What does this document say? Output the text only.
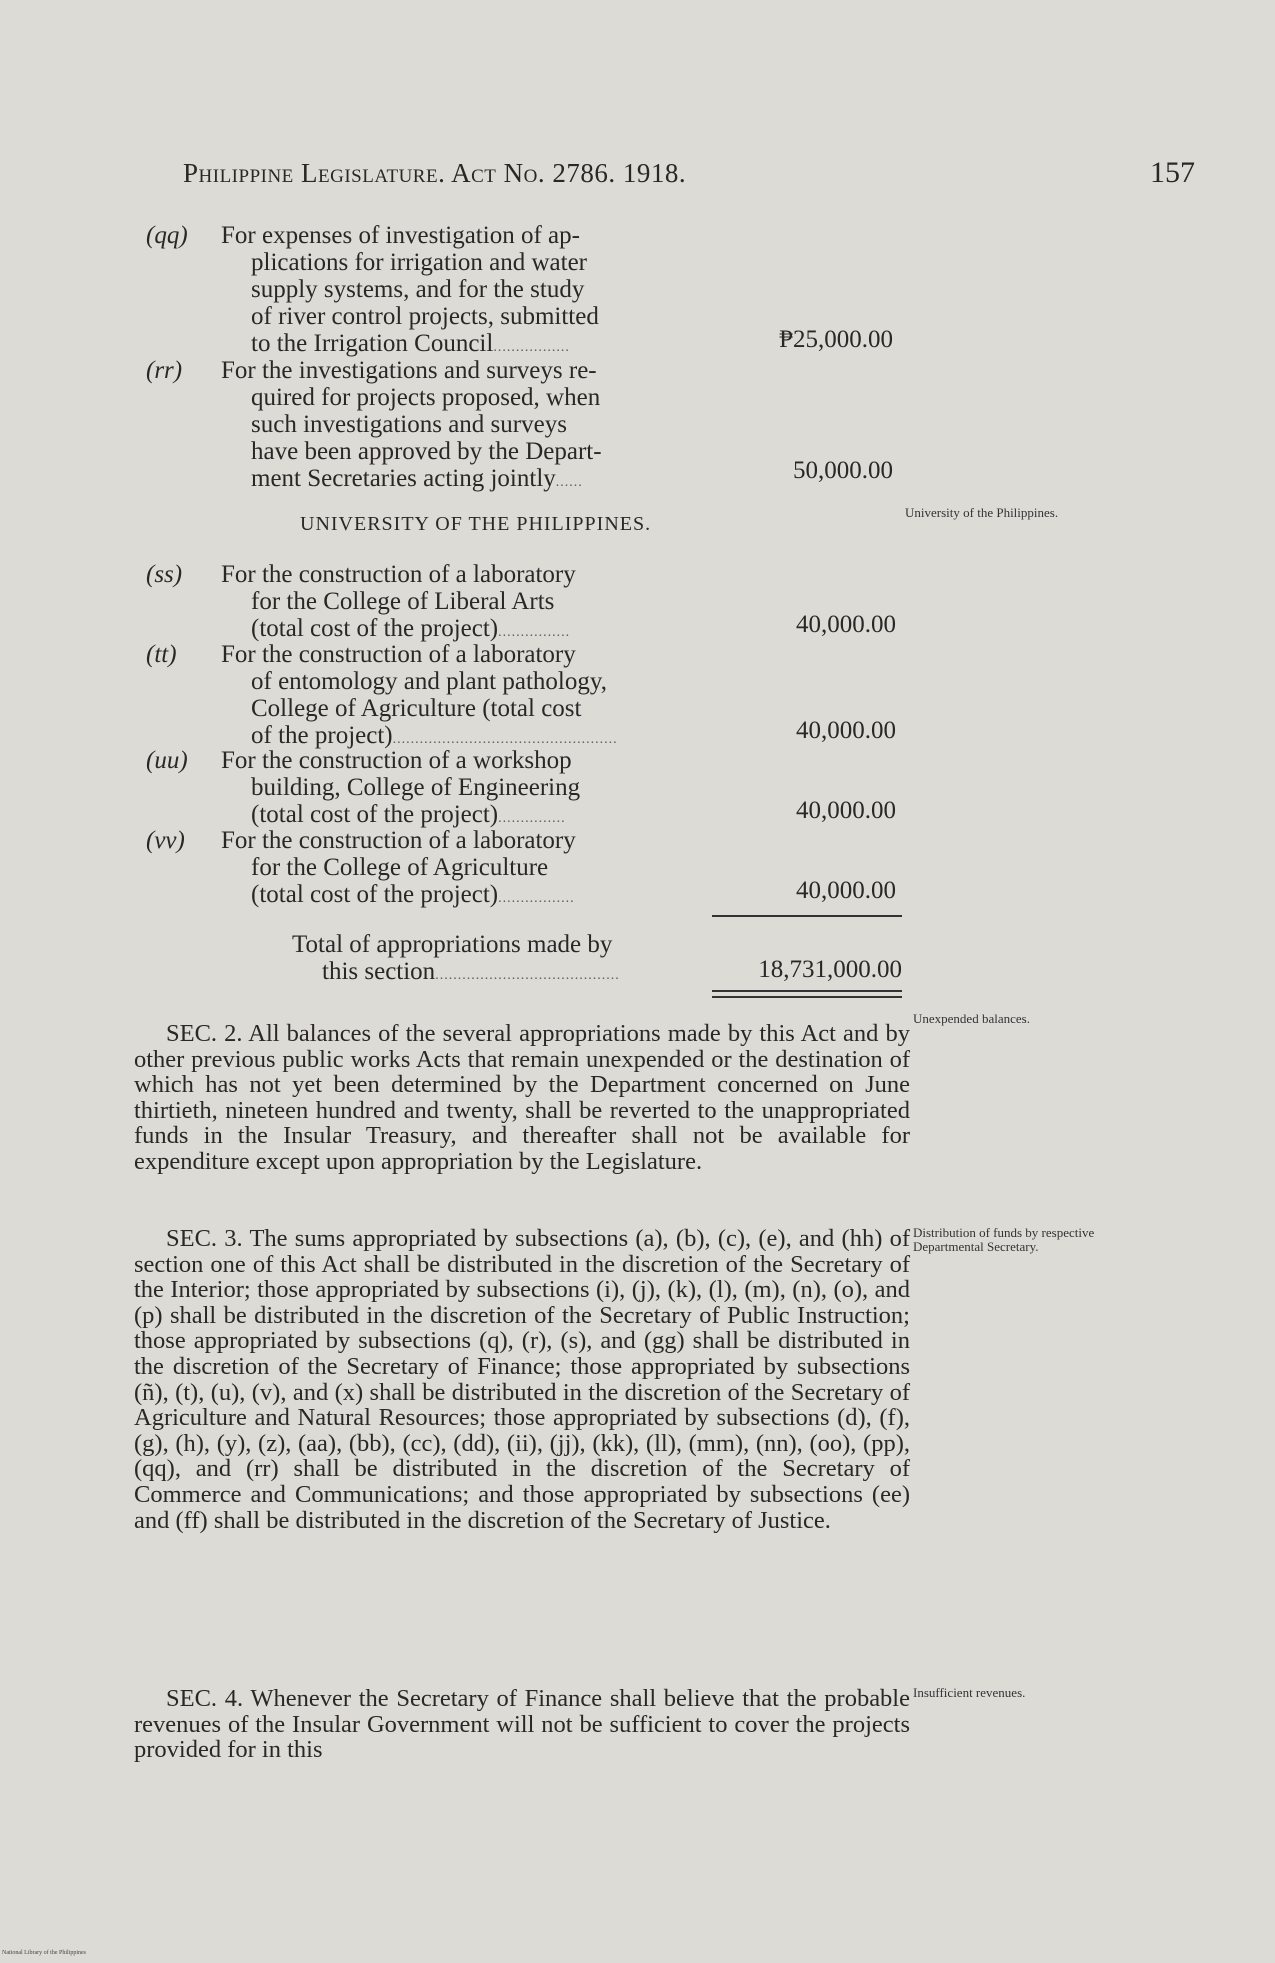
Philippine Legislature. Act No. 2786. 1918.	157
(qq) For expenses of investigation of ap-
plications for irrigation and water
supply systems, and for the study
of river control projects, submitted
to the Irrigation Council.................	₱25,000.00
(rr) For the investigations and surveys re-
quired for projects proposed, when
such investigations and surveys
have been approved by the Depart-
ment Secretaries acting jointly......	50,000.00
UNIVERSITY OF THE PHILIPPINES.
University of the Philippines.
(ss) For the construction of a laboratory
for the College of Liberal Arts
(total cost of the project)................	40,000.00
(tt) For the construction of a laboratory
of entomology and plant pathology,
College of Agriculture (total cost
of the project)..................................................	40,000.00
(uu) For the construction of a workshop
building, College of Engineering
(total cost of the project)...............	40,000.00
(vv) For the construction of a laboratory
for the College of Agriculture
(total cost of the project).................	40,000.00
Total of appropriations made by
this section.........................................	18,731,000.00

SEC. 2. All balances of the several appropriations made by this Act and by other previous public works Acts that remain unexpended or the destination of which has not yet been determined by the Department concerned on June thirtieth, nineteen hundred and twenty, shall be reverted to the unappropriated funds in the Insular Treasury, and thereafter shall not be available for expenditure except upon appropriation by the Legislature.

Unexpended balances.

SEC. 3. The sums appropriated by subsections (a), (b), (c), (e), and (hh) of section one of this Act shall be distributed in the discretion of the Secretary of the Interior; those appropriated by subsections (i), (j), (k), (l), (m), (n), (o), and (p) shall be distributed in the discretion of the Secretary of Public Instruction; those appropriated by subsections (q), (r), (s), and (gg) shall be distributed in the discretion of the Secretary of Finance; those appropriated by subsections (ñ), (t), (u), (v), and (x) shall be distributed in the discretion of the Secretary of Agriculture and Natural Resources; those appropriated by subsections (d), (f), (g), (h), (y), (z), (aa), (bb), (cc), (dd), (ii), (jj), (kk), (ll), (mm), (nn), (oo), (pp), (qq), and (rr) shall be distributed in the discretion of the Secretary of Commerce and Communications; and those appropriated by subsections (ee) and (ff) shall be distributed in the discretion of the Secretary of Justice.

Distribution of funds by respective Departmental Secretary.

SEC. 4. Whenever the Secretary of Finance shall believe that the probable revenues of the Insular Government will not be sufficient to cover the projects provided for in this

Insufficient revenues.
National Library of the Philippines
